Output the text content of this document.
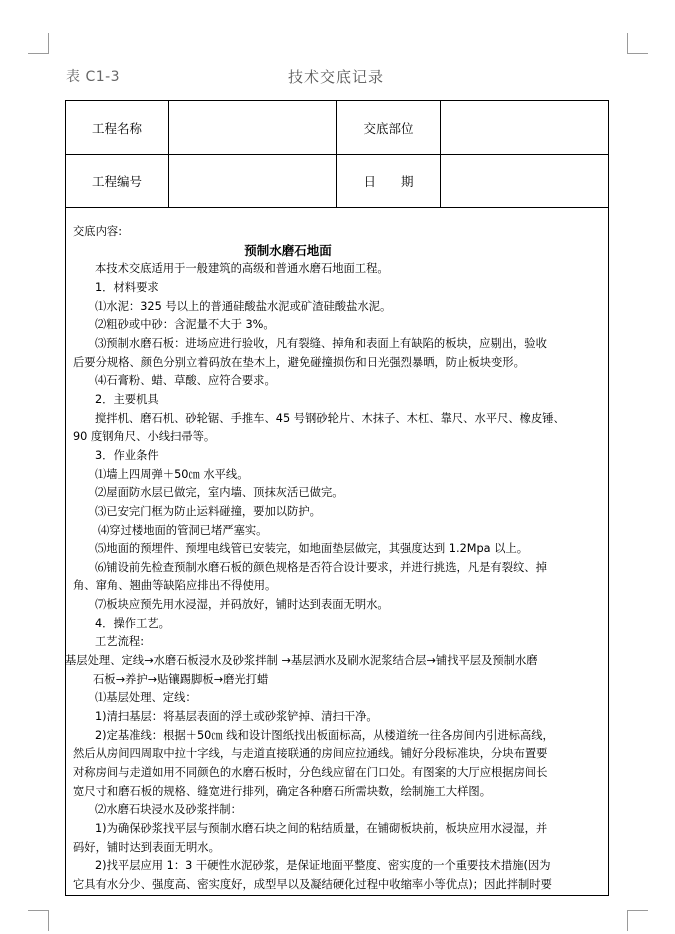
表 C1-3	技术交底记录
工程名称	交底部位
工程编号	日　　期

交底内容:

预制水磨石地面

本技术交底适用于一般建筑的高级和普通水磨石地面工程。

1．材料要求

⑴水泥：325 号以上的普通硅酸盐水泥或矿渣硅酸盐水泥。

⑵粗砂或中砂：含泥量不大于 3%。

⑶预制水磨石板：进场应进行验收，凡有裂缝、掉角和表面上有缺陷的板块，应剔出，验收

后要分规格、颜色分别立着码放在垫木上，避免碰撞损伤和日光强烈暴晒，防止板块变形。

⑷石膏粉、蜡、草酸、应符合要求。

2．主要机具

搅拌机、磨石机、砂轮锯、手推车、45 号钢砂轮片、木抹子、木杠、靠尺、水平尺、橡皮锤、

90 度钢角尺、小线扫帚等。

3．作业条件

⑴墙上四周弹＋50㎝ 水平线。

⑵屋面防水层已做完，室内墙、顶抹灰活已做完。

⑶已安完门框为防止运料碰撞，要加以防护。

⑷穿过楼地面的管洞已堵严塞实。

⑸地面的预埋件、预埋电线管已安装完，如地面垫层做完，其强度达到 1.2Mpa 以上。

⑹铺设前先检查预制水磨石板的颜色规格是否符合设计要求，并进行挑选，凡是有裂纹、掉

角、窜角、翘曲等缺陷应排出不得使用。

⑺板块应预先用水浸湿，并码放好，铺时达到表面无明水。

4．操作工艺。

工艺流程:

基层处理、定线→水磨石板浸水及砂浆拌制 →基层洒水及刷水泥浆结合层→铺找平层及预制水磨

石板→养护→贴镶踢脚板→磨光打蜡

⑴基层处理、定线：

1)清扫基层：将基层表面的浮土或砂浆铲掉、清扫干净。

2)定基准线：根据＋50㎝ 线和设计图纸找出板面标高，从楼道统一往各房间内引进标高线，

然后从房间四周取中拉十字线，与走道直接联通的房间应拉通线。铺好分段标准块，分块布置要

对称房间与走道如用不同颜色的水磨石板时，分色线应留在门口处。有图案的大厅应根据房间长

宽尺寸和磨石板的规格、缝宽进行排列，确定各种磨石所需块数，绘制施工大样图。

⑵水磨石块浸水及砂浆拌制：

1)为确保砂浆找平层与预制水磨石块之间的粘结质量，在铺砌板块前，板块应用水浸湿，并

码好，铺时达到表面无明水。

2)找平层应用 1：3 干硬性水泥砂浆，是保证地面平整度、密实度的一个重要技术措施(因为

它具有水分少、强度高、密实度好，成型早以及凝结硬化过程中收缩率小等优点)；因此拌制时要
